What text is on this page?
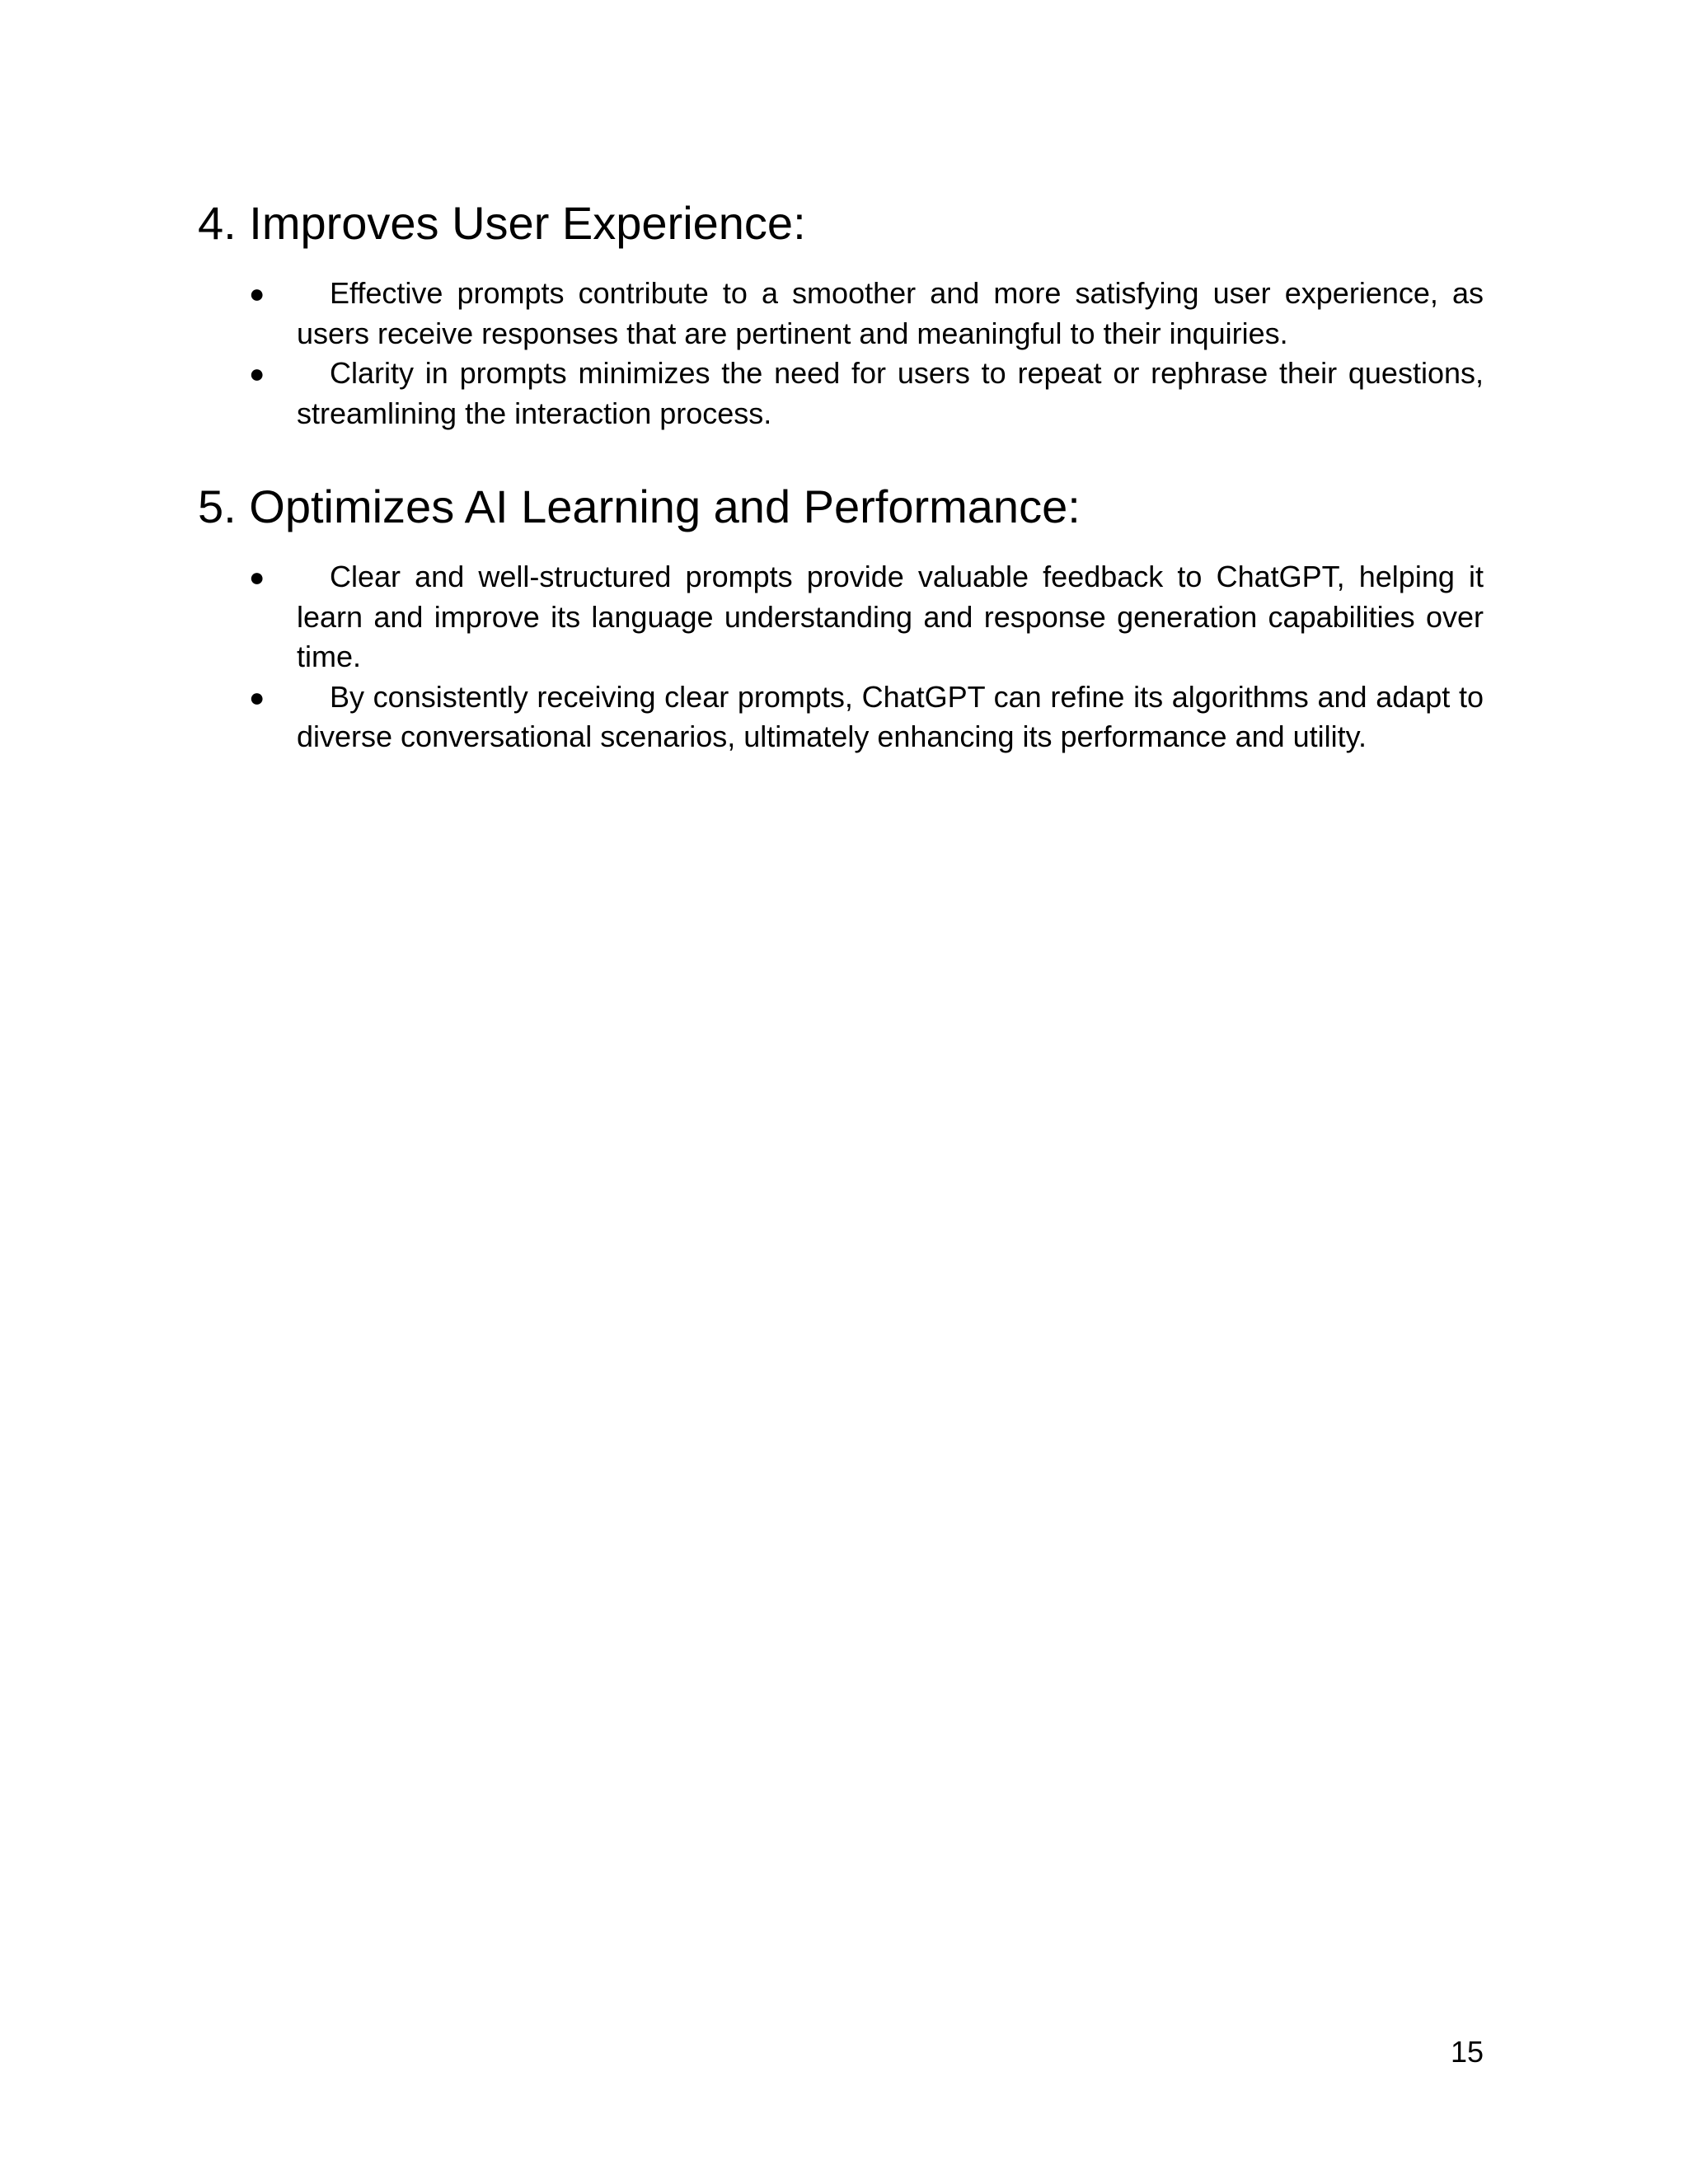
4. Improves User Experience:
● Effective prompts contribute to a smoother and more satisfying user experience, as users receive responses that are pertinent and meaningful to their inquiries.
● Clarity in prompts minimizes the need for users to repeat or rephrase their questions, streamlining the interaction process.
5. Optimizes AI Learning and Performance:
● Clear and well-structured prompts provide valuable feedback to ChatGPT, helping it learn and improve its language understanding and response generation capabilities over time.
● By consistently receiving clear prompts, ChatGPT can refine its algorithms and adapt to diverse conversational scenarios, ultimately enhancing its performance and utility.
15
